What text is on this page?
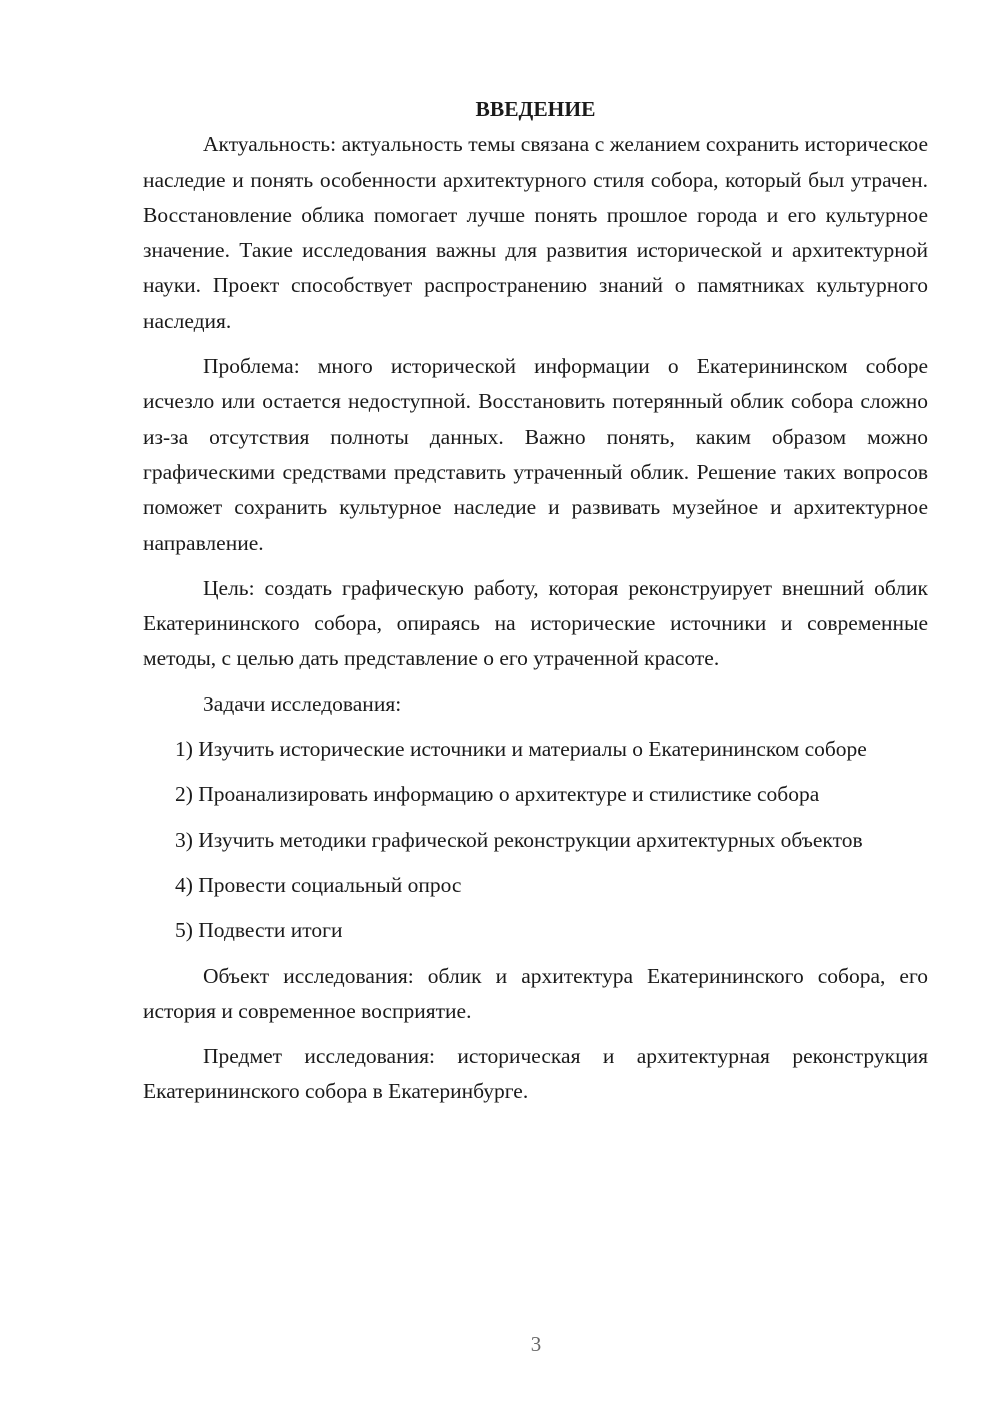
ВВЕДЕНИЕ

Актуальность: актуальность темы связана с желанием сохранить историческое наследие и понять особенности архитектурного стиля собора, который был утрачен. Восстановление облика помогает лучше понять прошлое города и его культурное значение. Такие исследования важны для развития исторической и архитектурной науки. Проект способствует распространению знаний о памятниках культурного наследия.

Проблема: много исторической информации о Екатерининском соборе исчезло или остается недоступной. Восстановить потерянный облик собора сложно из-за отсутствия полноты данных. Важно понять, каким образом можно графическими средствами представить утраченный облик. Решение таких вопросов поможет сохранить культурное наследие и развивать музейное и архитектурное направление.

Цель: создать графическую работу, которая реконструирует внешний облик Екатерининского собора, опираясь на исторические источники и современные методы, с целью дать представление о его утраченной красоте.

Задачи исследования:

1) Изучить исторические источники и материалы о Екатерининском соборе

2) Проанализировать информацию о архитектуре и стилистике собора

3) Изучить методики графической реконструкции архитектурных объектов

4) Провести социальный опрос

5) Подвести итоги

Объект исследования: облик и архитектура Екатерининского собора, его история и современное восприятие.

Предмет исследования: историческая и архитектурная реконструкция Екатерининского собора в Екатеринбурге.

3
